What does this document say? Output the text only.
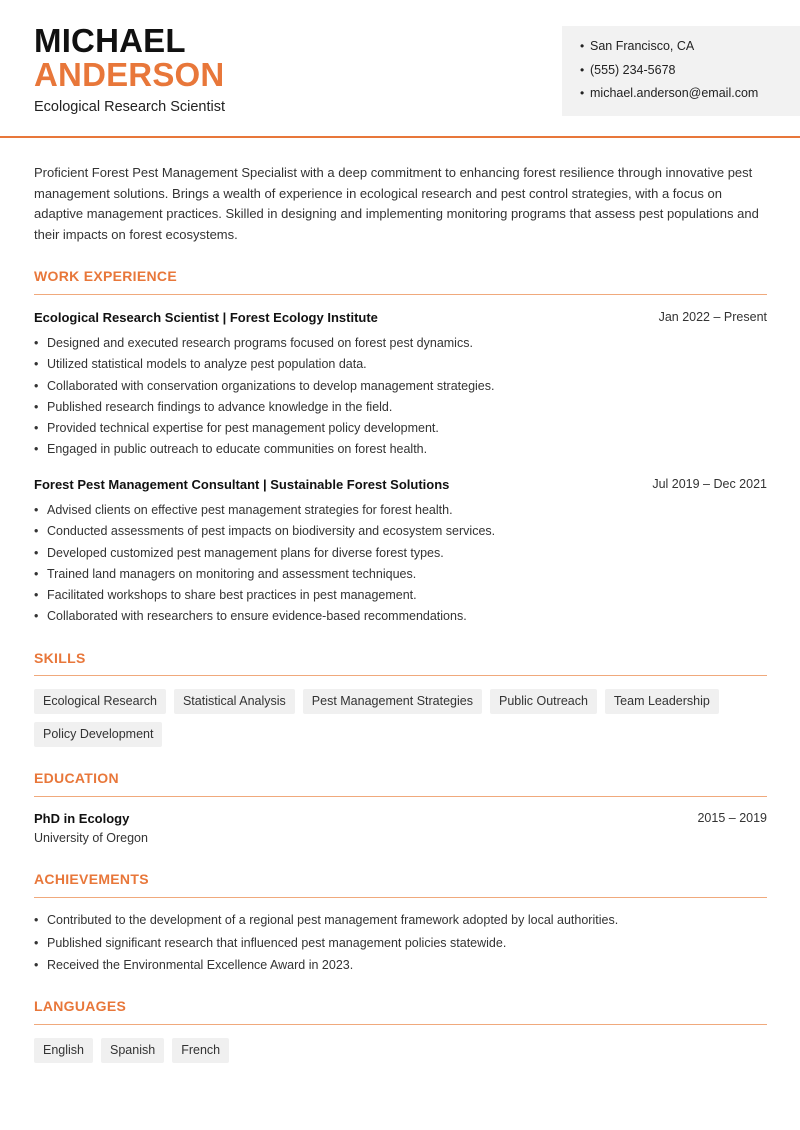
MICHAEL
ANDERSON
Ecological Research Scientist
• San Francisco, CA
• (555) 234-5678
• michael.anderson@email.com

Proficient Forest Pest Management Specialist with a deep commitment to enhancing forest resilience through innovative pest management solutions. Brings a wealth of experience in ecological research and pest control strategies, with a focus on adaptive management practices. Skilled in designing and implementing monitoring programs that assess pest populations and their impacts on forest ecosystems.

WORK EXPERIENCE
Ecological Research Scientist | Forest Ecology Institute	Jan 2022 – Present
• Designed and executed research programs focused on forest pest dynamics.
• Utilized statistical models to analyze pest population data.
• Collaborated with conservation organizations to develop management strategies.
• Published research findings to advance knowledge in the field.
• Provided technical expertise for pest management policy development.
• Engaged in public outreach to educate communities on forest health.
Forest Pest Management Consultant | Sustainable Forest Solutions	Jul 2019 – Dec 2021
• Advised clients on effective pest management strategies for forest health.
• Conducted assessments of pest impacts on biodiversity and ecosystem services.
• Developed customized pest management plans for diverse forest types.
• Trained land managers on monitoring and assessment techniques.
• Facilitated workshops to share best practices in pest management.
• Collaborated with researchers to ensure evidence-based recommendations.
SKILLS
Ecological Research	Statistical Analysis	Pest Management Strategies	Public Outreach	Team Leadership
Policy Development
EDUCATION
PhD in Ecology	2015 – 2019
University of Oregon
ACHIEVEMENTS
• Contributed to the development of a regional pest management framework adopted by local authorities.
• Published significant research that influenced pest management policies statewide.
• Received the Environmental Excellence Award in 2023.
LANGUAGES
English	Spanish	French
